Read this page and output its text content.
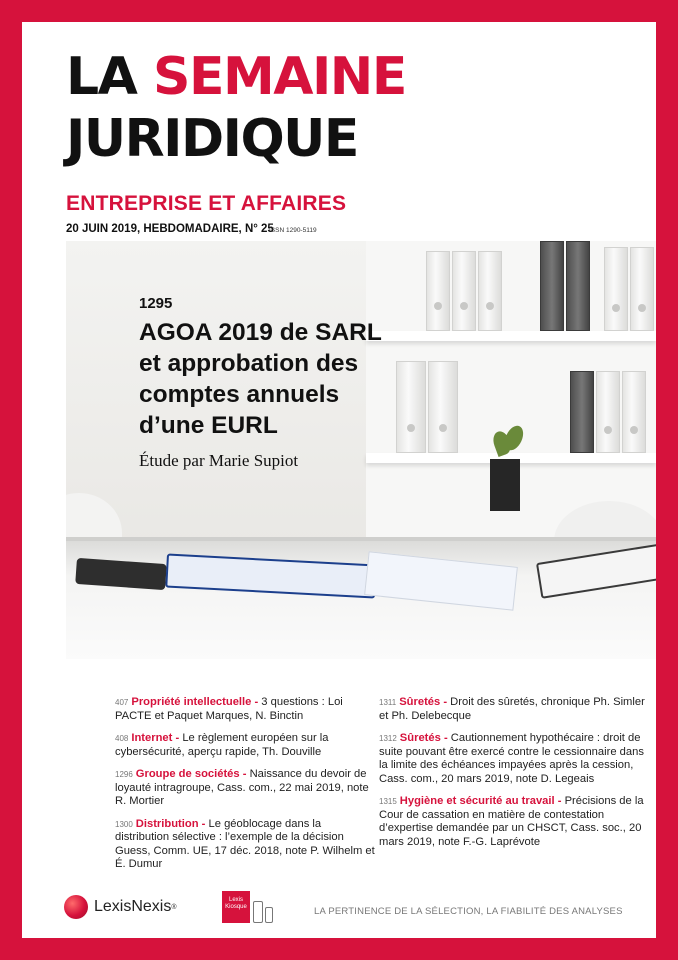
LA SEMAINE
JURIDIQUE
ENTREPRISE ET AFFAIRES
20 JUIN 2019, HEBDOMADAIRE, N° 25
ISSN 1290-5119
1295
AGOA 2019 de SARL
et approbation des
comptes annuels
d’une EURL
Étude par Marie Supiot
407 Propriété intellectuelle - 3 questions : Loi PACTE et Paquet Marques, N. Binctin
408 Internet - Le règlement européen sur la cybersécurité, aperçu rapide, Th. Douville
1296 Groupe de sociétés - Naissance du devoir de loyauté intragroupe, Cass. com., 22 mai 2019, note R. Mortier
1300 Distribution - Le géoblocage dans la distribution sélective : l’exemple de la décision Guess, Comm. UE, 17 déc. 2018, note P. Wilhelm et É. Dumur
1311 Sûretés - Droit des sûretés, chronique Ph. Simler et Ph. Delebecque
1312 Sûretés - Cautionnement hypothécaire : droit de suite pouvant être exercé contre le cessionnaire dans la limite des échéances impayées après la cession, Cass. com., 20 mars 2019, note D. Legeais
1315 Hygiène et sécurité au travail - Précisions de la Cour de cassation en matière de contestation d’expertise demandée par un CHSCT, Cass. soc., 20 mars 2019, note F.-G. Laprévote
LexisNexis ®
Lexis
Kiosque	LA PERTINENCE DE LA SÉLECTION, LA FIABILITÉ DES ANALYSES
